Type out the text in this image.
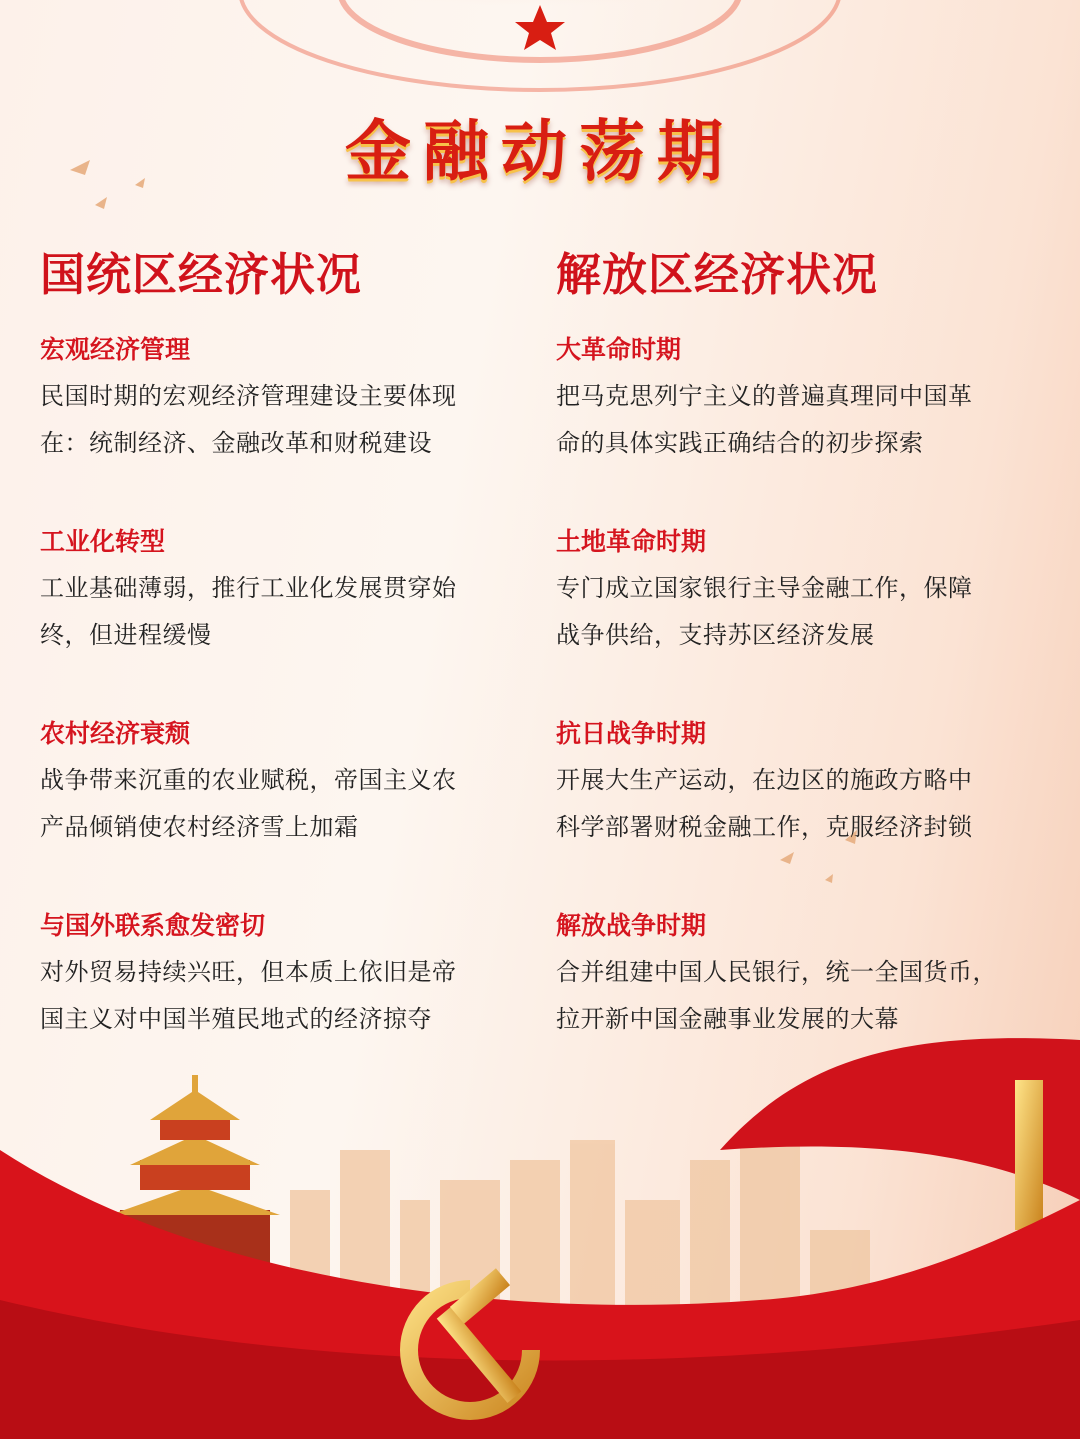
金融动荡期
国统区经济状况
宏观经济管理
民国时期的宏观经济管理建设主要体现
在：统制经济、金融改革和财税建设
工业化转型
工业基础薄弱，推行工业化发展贯穿始
终，但进程缓慢
农村经济衰颓
战争带来沉重的农业赋税，帝国主义农
产品倾销使农村经济雪上加霜
与国外联系愈发密切
对外贸易持续兴旺，但本质上依旧是帝
国主义对中国半殖民地式的经济掠夺
解放区经济状况
大革命时期
把马克思列宁主义的普遍真理同中国革
命的具体实践正确结合的初步探索
土地革命时期
专门成立国家银行主导金融工作，保障
战争供给，支持苏区经济发展
抗日战争时期
开展大生产运动，在边区的施政方略中
科学部署财税金融工作，克服经济封锁
解放战争时期
合并组建中国人民银行，统一全国货币，
拉开新中国金融事业发展的大幕
